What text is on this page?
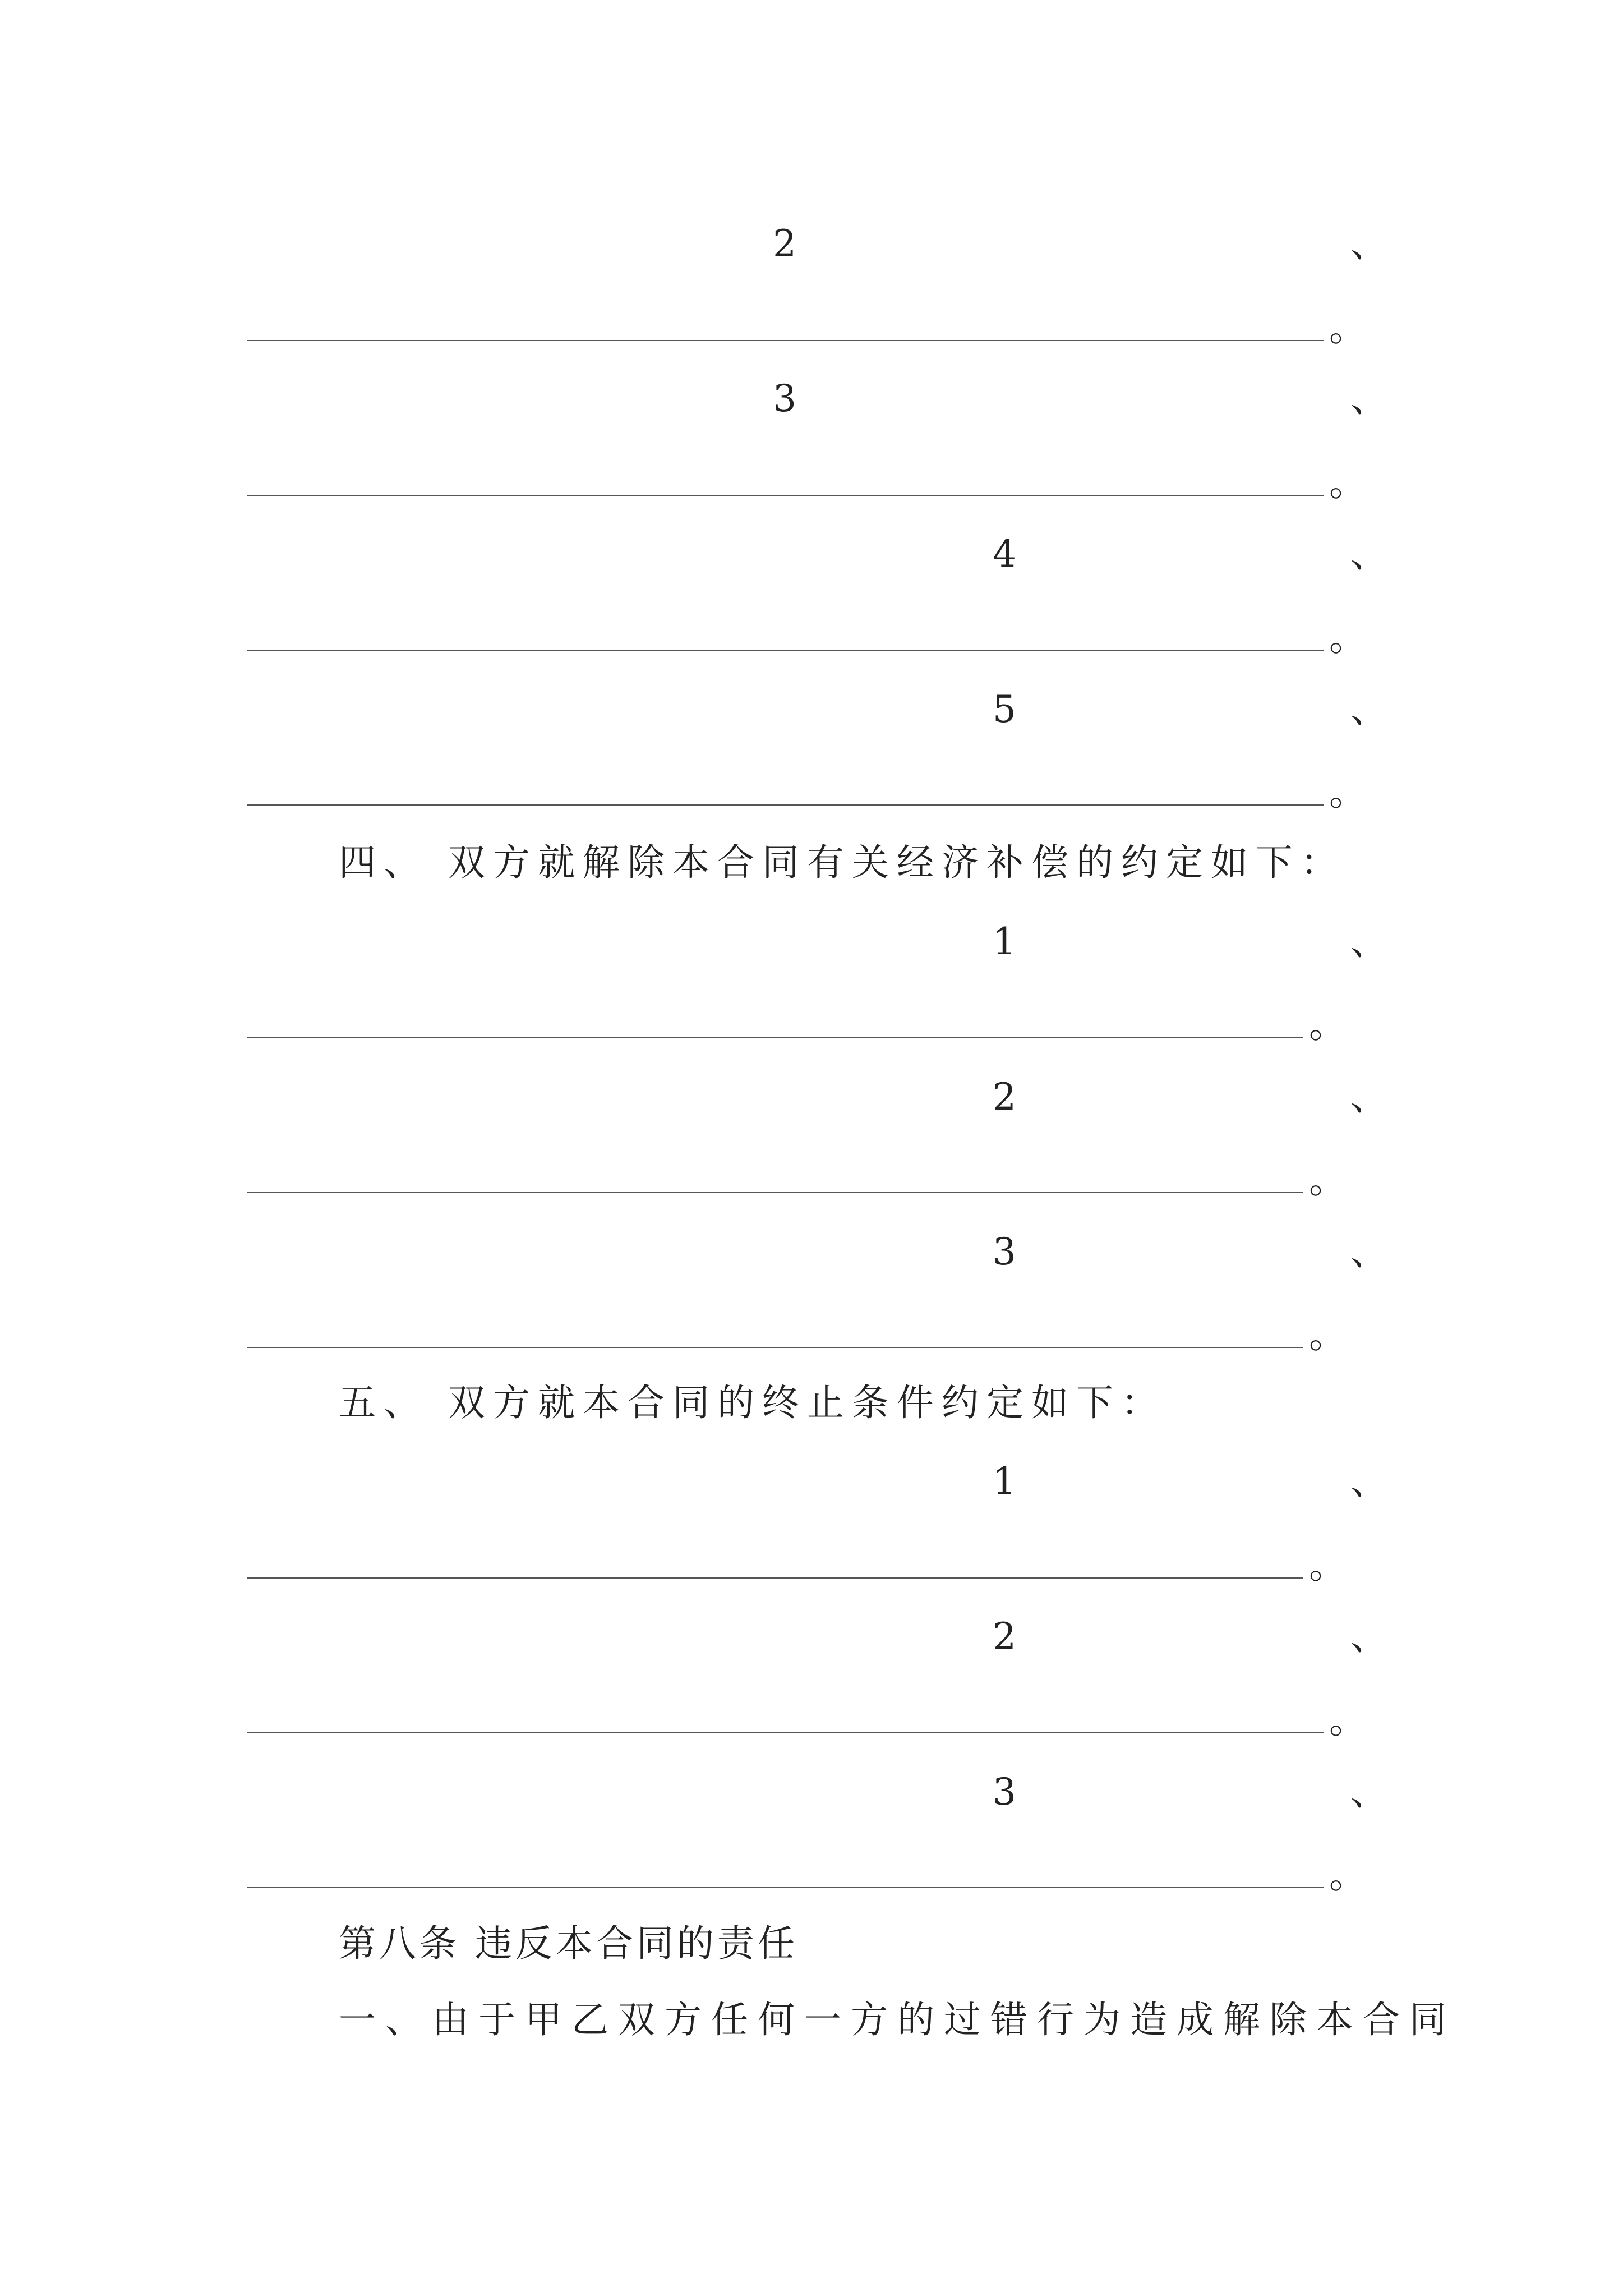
2	、
。
3	、
。
4	、
。
5	、
。
四、 双方就解除本合同有关经济补偿的约定如下：
1	、
。
2	、
。
3	、
。
五、 双方就本合同的终止条件约定如下：
1	、
。
2	、
。
3	、
。
第八条 违反本合同的责任
一、由于甲乙双方任何一方的过错行为造成解除本合同
